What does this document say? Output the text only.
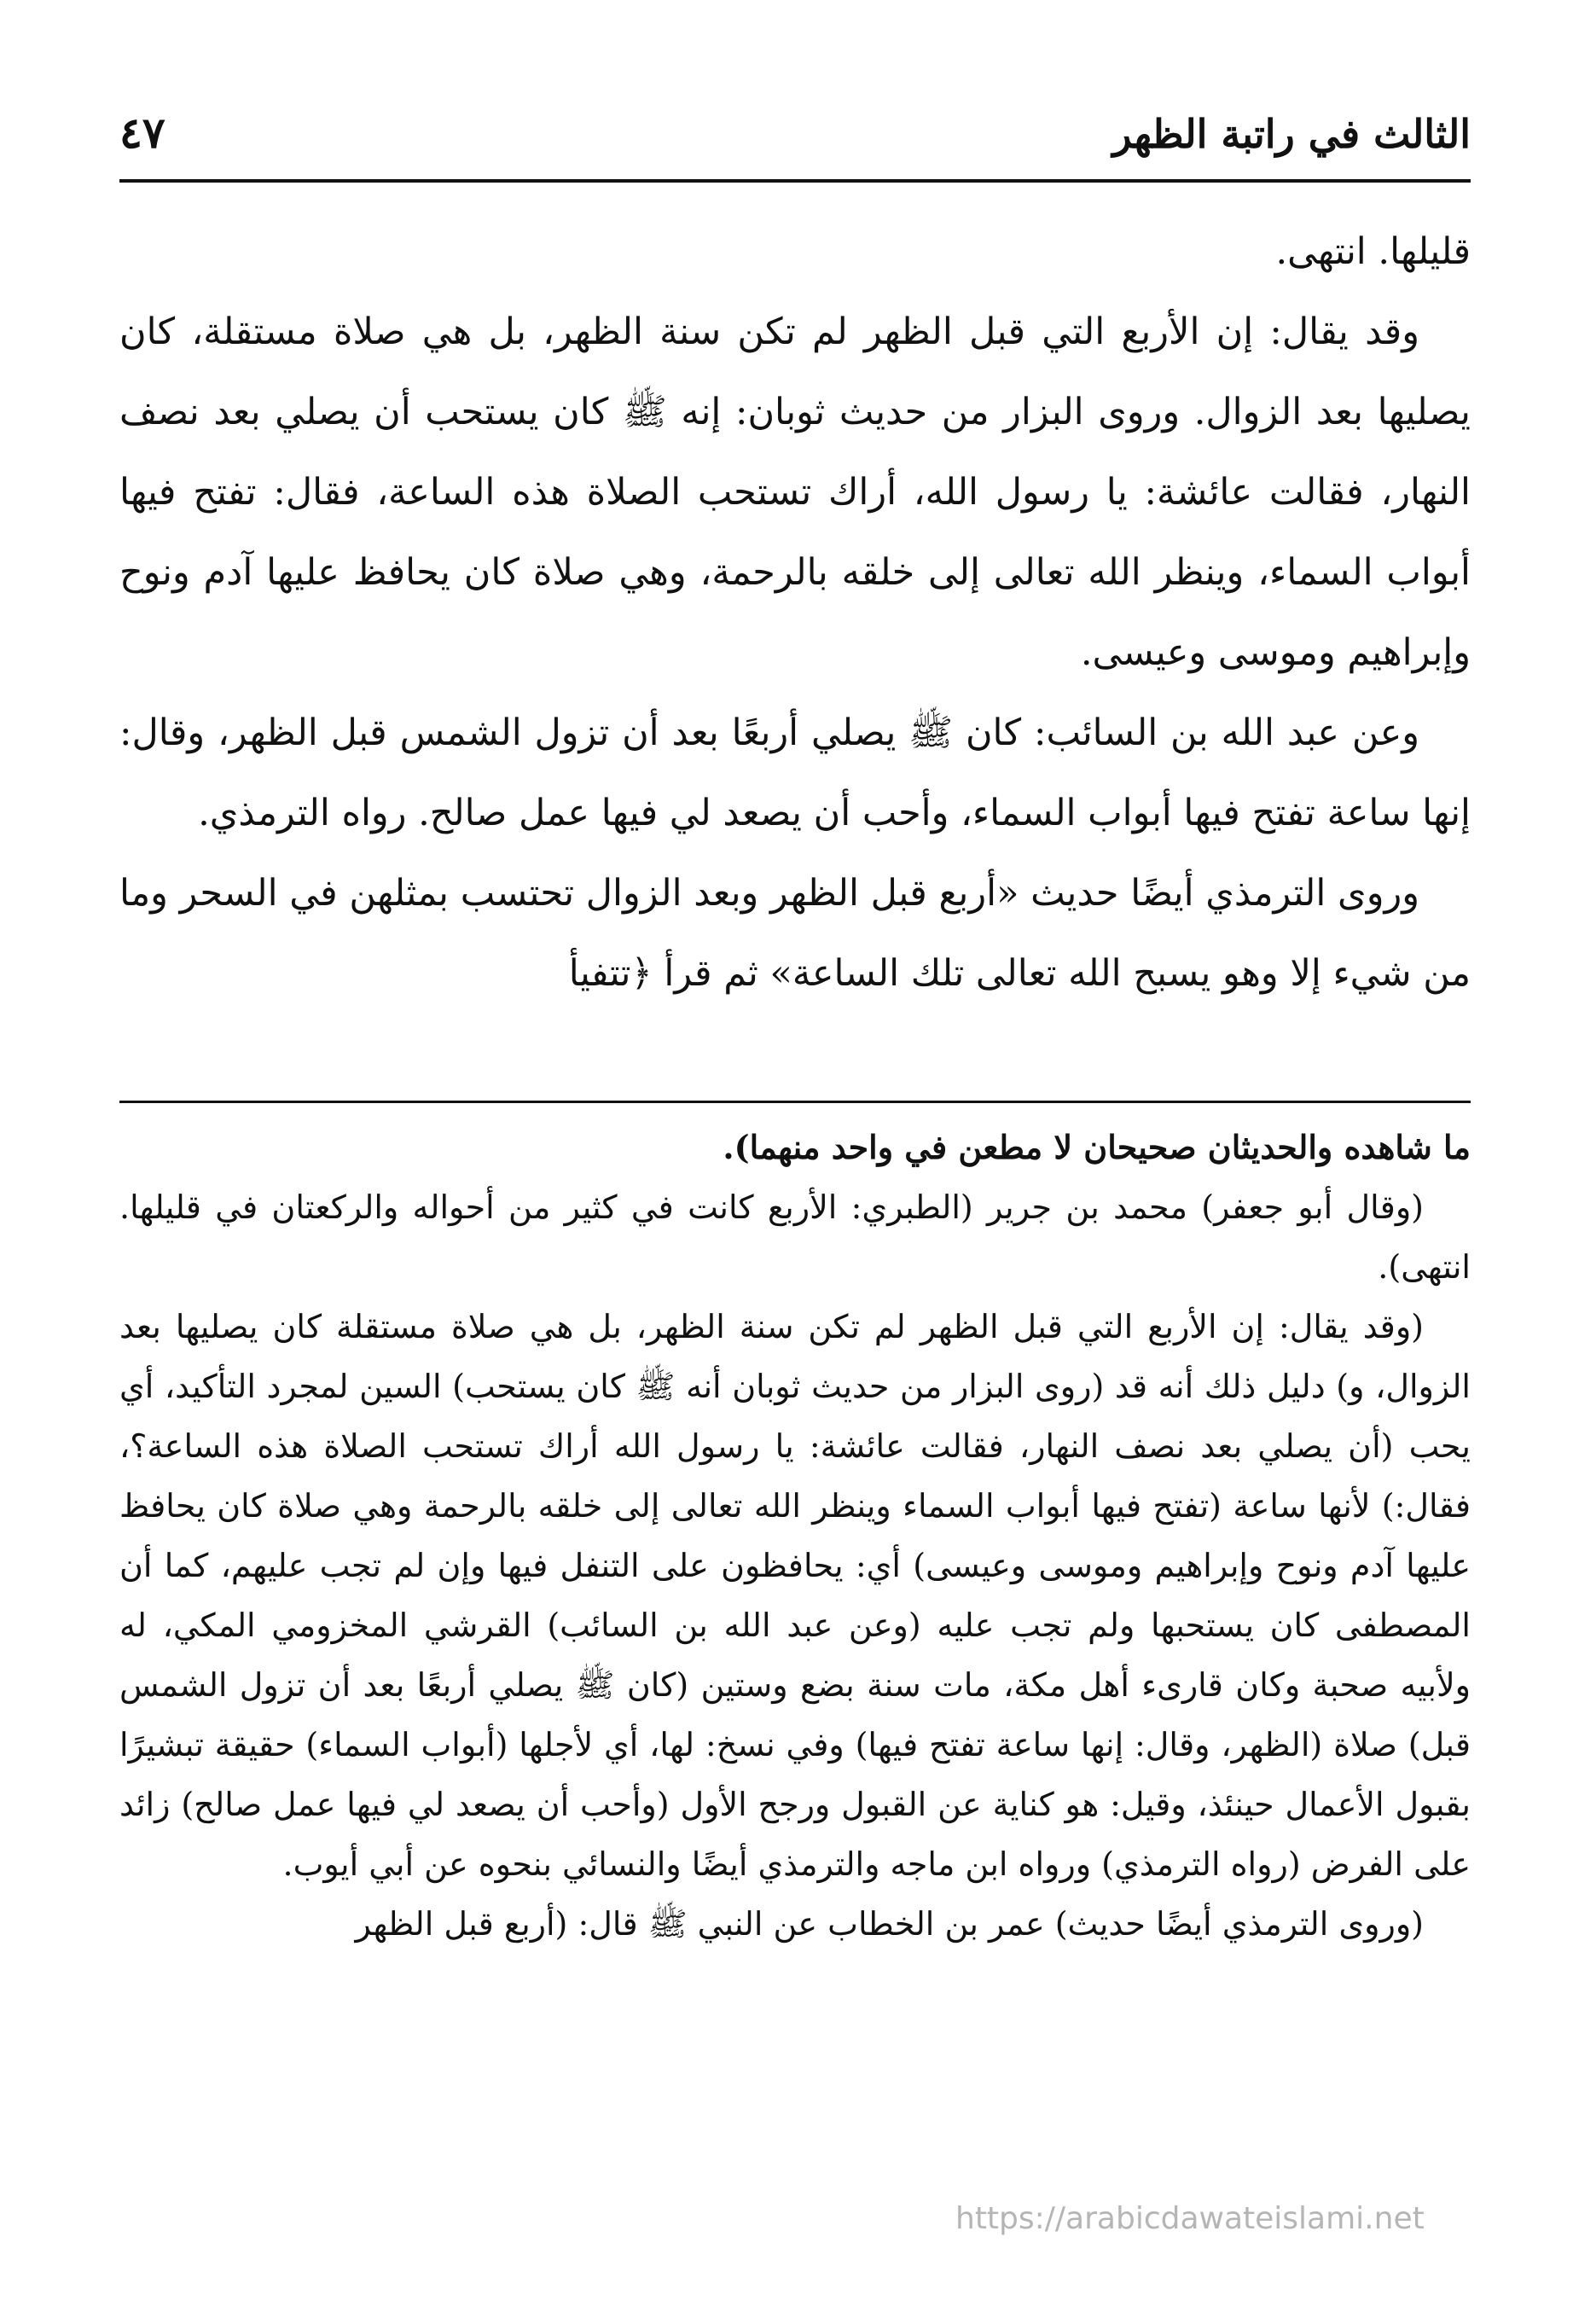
الثالث في راتبة الظهر
٤٧

قليلها. انتهى.

وقد يقال: إن الأربع التي قبل الظهر لم تكن سنة الظهر، بل هي صلاة مستقلة، كان يصليها بعد الزوال. وروى البزار من حديث ثوبان: إنه ﷺ كان يستحب أن يصلي بعد نصف النهار، فقالت عائشة: يا رسول الله، أراك تستحب الصلاة هذه الساعة، فقال: تفتح فيها أبواب السماء، وينظر الله تعالى إلى خلقه بالرحمة، وهي صلاة كان يحافظ عليها آدم ونوح وإبراهيم وموسى وعيسى.

وعن عبد الله بن السائب: كان ﷺ يصلي أربعًا بعد أن تزول الشمس قبل الظهر، وقال: إنها ساعة تفتح فيها أبواب السماء، وأحب أن يصعد لي فيها عمل صالح. رواه الترمذي.

وروى الترمذي أيضًا حديث «أربع قبل الظهر وبعد الزوال تحتسب بمثلهن في السحر وما من شيء إلا وهو يسبح الله تعالى تلك الساعة» ثم قرأ ﴿تتفيأ

ما شاهده والحديثان صحيحان لا مطعن في واحد منهما).

(وقال أبو جعفر) محمد بن جرير (الطبري: الأربع كانت في كثير من أحواله والركعتان في قليلها. انتهى).

(وقد يقال: إن الأربع التي قبل الظهر لم تكن سنة الظهر، بل هي صلاة مستقلة كان يصليها بعد الزوال، و) دليل ذلك أنه قد (روى البزار من حديث ثوبان أنه ﷺ كان يستحب) السين لمجرد التأكيد، أي يحب (أن يصلي بعد نصف النهار، فقالت عائشة: يا رسول الله أراك تستحب الصلاة هذه الساعة؟، فقال:) لأنها ساعة (تفتح فيها أبواب السماء وينظر الله تعالى إلى خلقه بالرحمة وهي صلاة كان يحافظ عليها آدم ونوح وإبراهيم وموسى وعيسى) أي: يحافظون على التنفل فيها وإن لم تجب عليهم، كما أن المصطفى كان يستحبها ولم تجب عليه (وعن عبد الله بن السائب) القرشي المخزومي المكي، له ولأبيه صحبة وكان قارىء أهل مكة، مات سنة بضع وستين (كان ﷺ يصلي أربعًا بعد أن تزول الشمس قبل) صلاة (الظهر، وقال: إنها ساعة تفتح فيها) وفي نسخ: لها، أي لأجلها (أبواب السماء) حقيقة تبشيرًا بقبول الأعمال حينئذ، وقيل: هو كناية عن القبول ورجح الأول (وأحب أن يصعد لي فيها عمل صالح) زائد على الفرض (رواه الترمذي) ورواه ابن ماجه والترمذي أيضًا والنسائي بنحوه عن أبي أيوب.

(وروى الترمذي أيضًا حديث) عمر بن الخطاب عن النبي ﷺ قال: (أربع قبل الظهر

https://arabicdawateislami.net
